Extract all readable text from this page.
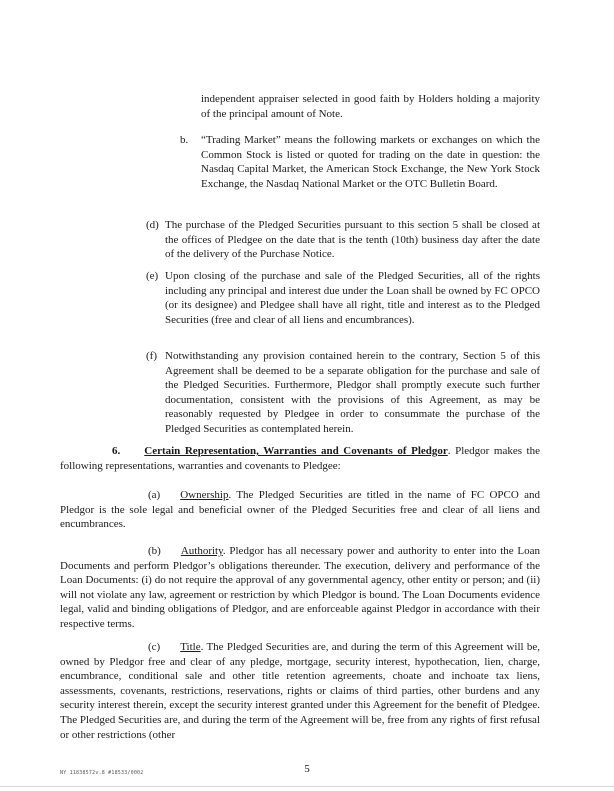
independent appraiser selected in good faith by Holders holding a majority of the principal amount of Note.

b.	“Trading Market” means the following markets or exchanges on which the Common Stock is listed or quoted for trading on the date in question: the Nasdaq Capital Market, the American Stock Exchange, the New York Stock Exchange, the Nasdaq National Market or the OTC Bulletin Board.
(d) The purchase of the Pledged Securities pursuant to this section 5 shall be closed at the offices of Pledgee on the date that is the tenth (10th) business day after the date of the delivery of the Purchase Notice.
(e) Upon closing of the purchase and sale of the Pledged Securities, all of the rights including any principal and interest due under the Loan shall be owned by FC OPCO (or its designee) and Pledgee shall have all right, title and interest as to the Pledged Securities (free and clear of all liens and encumbrances).
(f) Notwithstanding any provision contained herein to the contrary, Section 5 of this Agreement shall be deemed to be a separate obligation for the purchase and sale of the Pledged Securities. Furthermore, Pledgor shall promptly execute such further documentation, consistent with the provisions of this Agreement, as may be reasonably requested by Pledgee in order to consummate the purchase of the Pledged Securities as contemplated herein.

6. Certain Representation, Warranties and Covenants of Pledgor. Pledgor makes the following representations, warranties and covenants to Pledgee:

(a) Ownership. The Pledged Securities are titled in the name of FC OPCO and Pledgor is the sole legal and beneficial owner of the Pledged Securities free and clear of all liens and encumbrances.

(b) Authority. Pledgor has all necessary power and authority to enter into the Loan Documents and perform Pledgor’s obligations thereunder. The execution, delivery and performance of the Loan Documents: (i) do not require the approval of any governmental agency, other entity or person; and (ii) will not violate any law, agreement or restriction by which Pledgor is bound. The Loan Documents evidence legal, valid and binding obligations of Pledgor, and are enforceable against Pledgor in accordance with their respective terms.

(c) Title. The Pledged Securities are, and during the term of this Agreement will be, owned by Pledgor free and clear of any pledge, mortgage, security interest, hypothecation, lien, charge, encumbrance, conditional sale and other title retention agreements, choate and inchoate tax liens, assessments, covenants, restrictions, reservations, rights or claims of third parties, other burdens and any security interest therein, except the security interest granted under this Agreement for the benefit of Pledgee. The Pledged Securities are, and during the term of the Agreement will be, free from any rights of first refusal or other restrictions (other

5
NY 11838572v.8 #18533/0002
